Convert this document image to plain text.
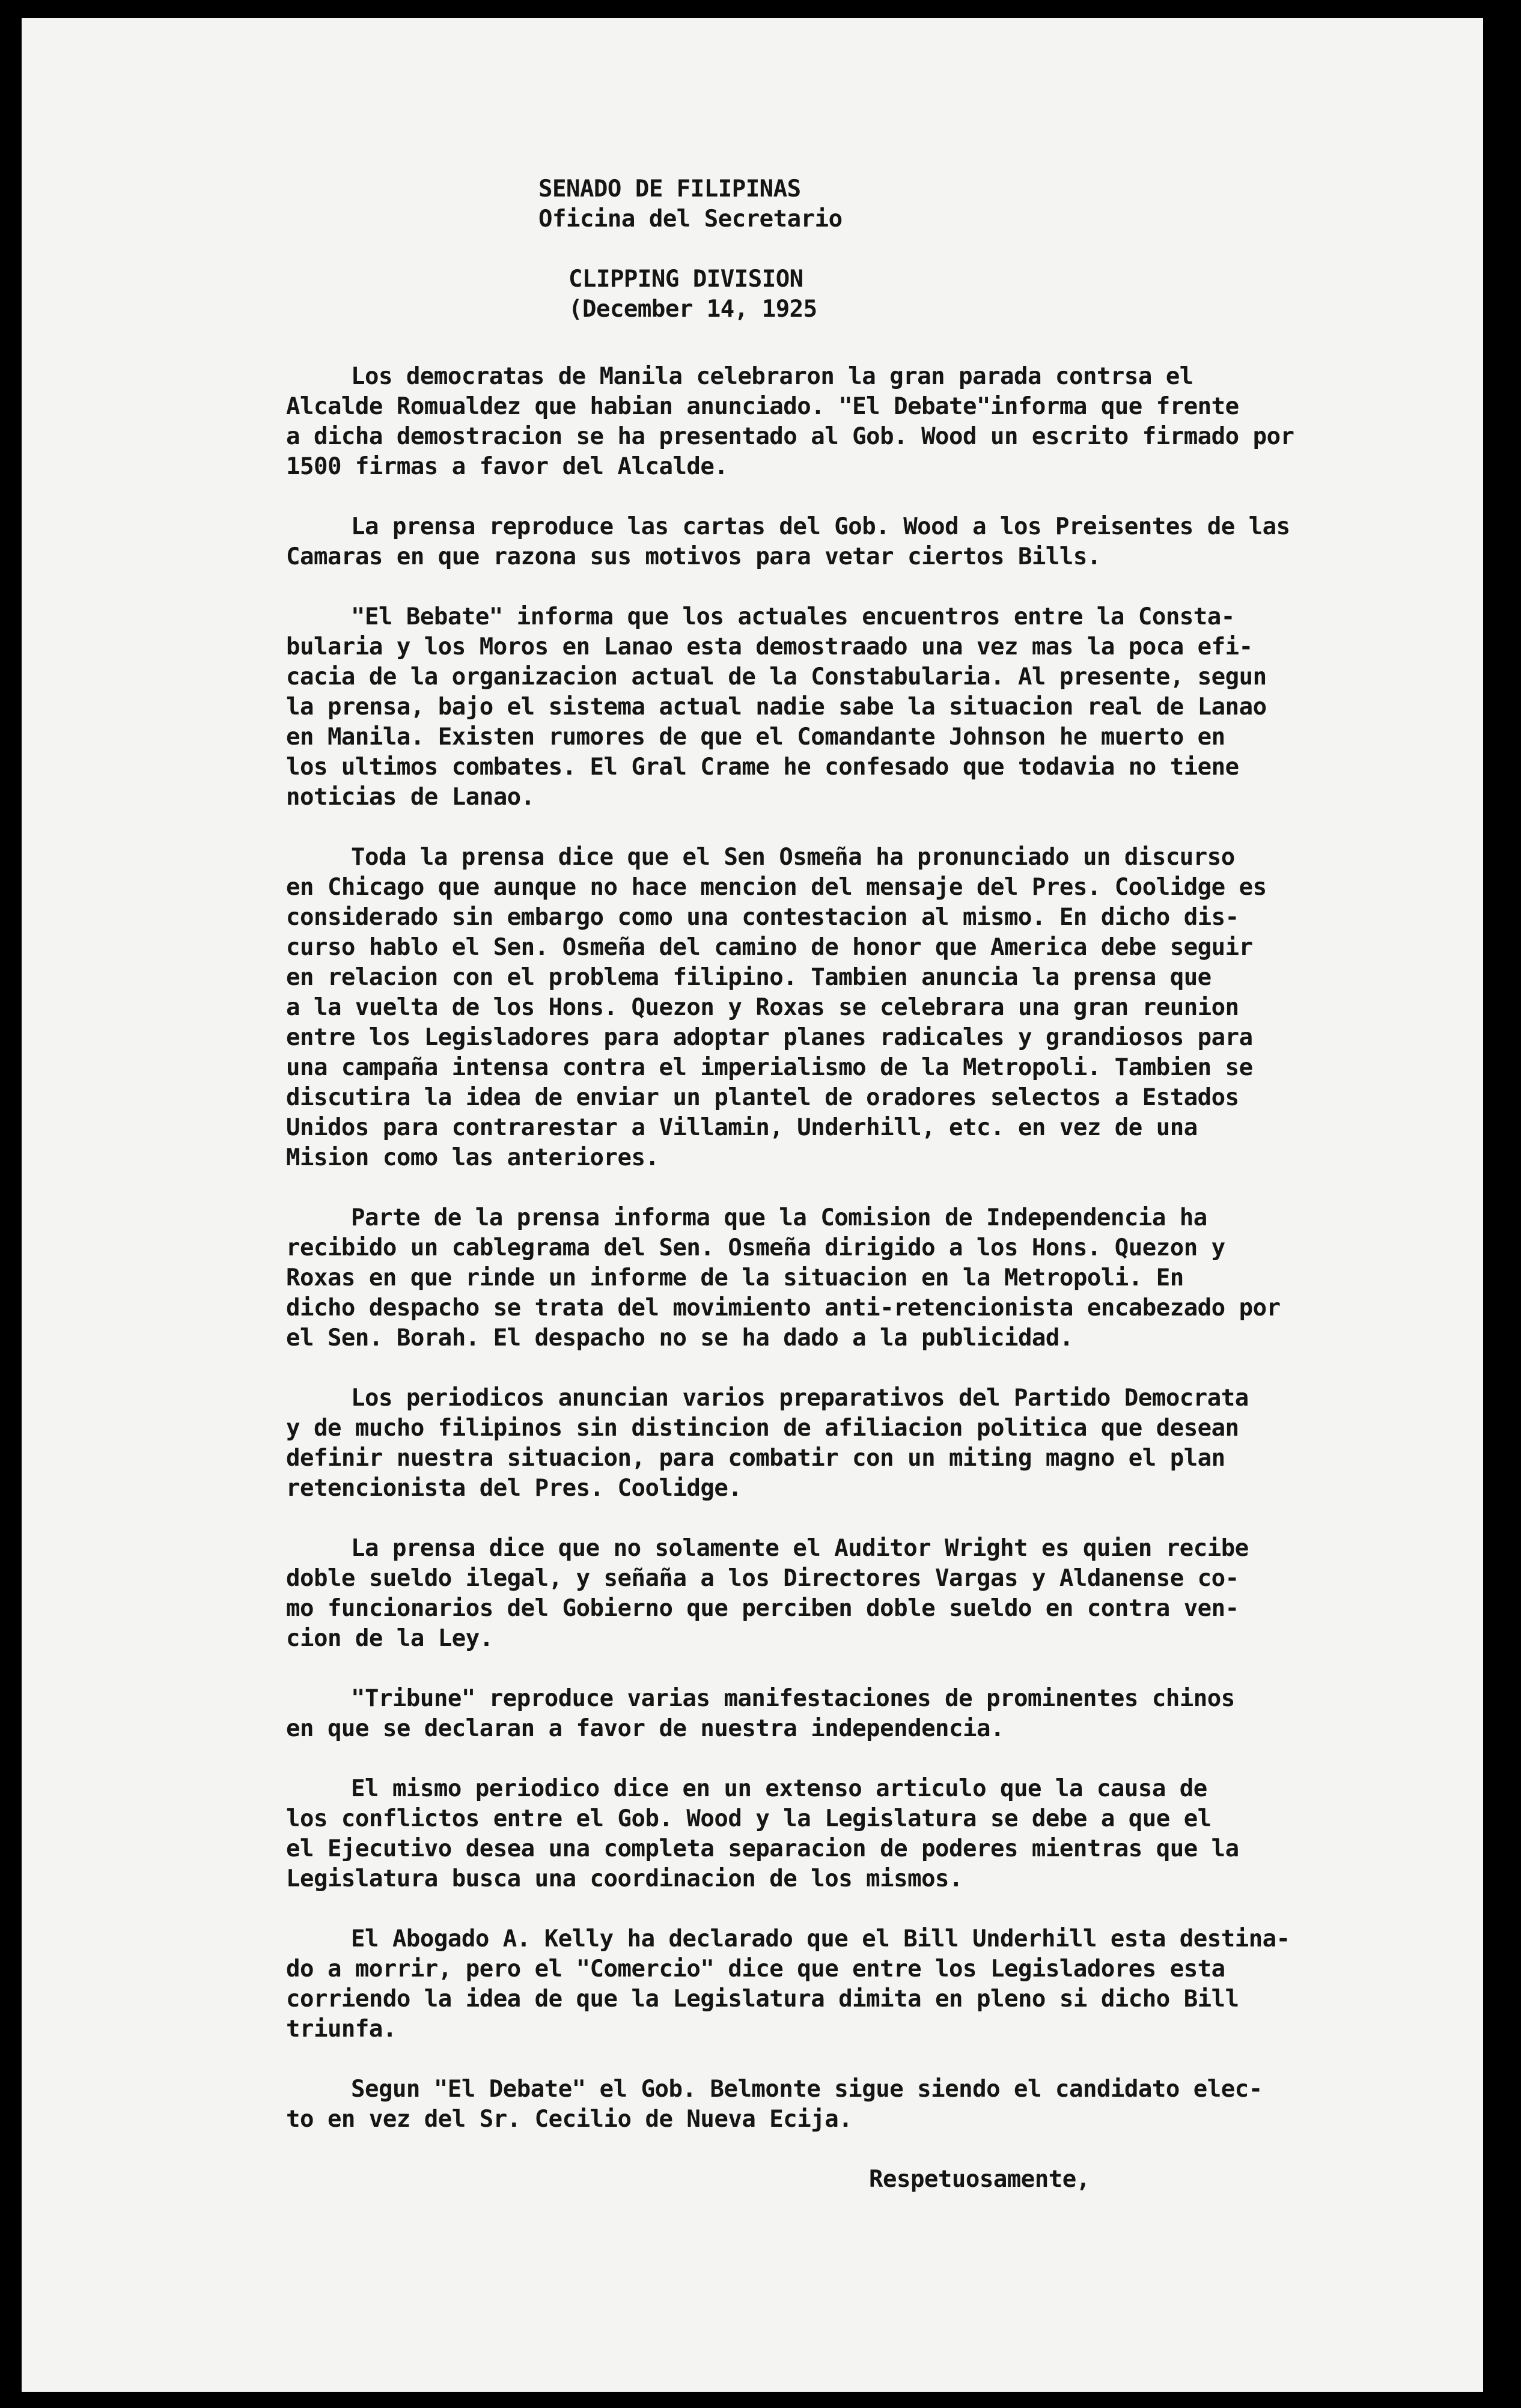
SENADO DE FILIPINAS
Oficina del Secretario
CLIPPING DIVISION
(December 14, 1925
Los democratas de Manila celebraron la gran parada contrsa el
Alcalde Romualdez que habian anunciado. "El Debate"informa que frente
a dicha demostracion se ha presentado al Gob. Wood un escrito firmado por
1500 firmas a favor del Alcalde.
La prensa reproduce las cartas del Gob. Wood a los Preisentes de las
Camaras en que razona sus motivos para vetar ciertos Bills.
"El Bebate" informa que los actuales encuentros entre la Consta-
bularia y los Moros en Lanao esta demostraado una vez mas la poca efi-
cacia de la organizacion actual de la Constabularia. Al presente, segun
la prensa, bajo el sistema actual nadie sabe la situacion real de Lanao
en Manila. Existen rumores de que el Comandante Johnson he muerto en
los ultimos combates. El Gral Crame he confesado que todavia no tiene
noticias de Lanao.
Toda la prensa dice que el Sen Osmeña ha pronunciado un discurso
en Chicago que aunque no hace mencion del mensaje del Pres. Coolidge es
considerado sin embargo como una contestacion al mismo. En dicho dis-
curso hablo el Sen. Osmeña del camino de honor que America debe seguir
en relacion con el problema filipino. Tambien anuncia la prensa que
a la vuelta de los Hons. Quezon y Roxas se celebrara una gran reunion
entre los Legisladores para adoptar planes radicales y grandiosos para
una campaña intensa contra el imperialismo de la Metropoli. Tambien se
discutira la idea de enviar un plantel de oradores selectos a Estados
Unidos para contrarestar a Villamin, Underhill, etc. en vez de una
Mision como las anteriores.
Parte de la prensa informa que la Comision de Independencia ha
recibido un cablegrama del Sen. Osmeña dirigido a los Hons. Quezon y
Roxas en que rinde un informe de la situacion en la Metropoli. En
dicho despacho se trata del movimiento anti-retencionista encabezado por
el Sen. Borah. El despacho no se ha dado a la publicidad.
Los periodicos anuncian varios preparativos del Partido Democrata
y de mucho filipinos sin distincion de afiliacion politica que desean
definir nuestra situacion, para combatir con un miting magno el plan
retencionista del Pres. Coolidge.
La prensa dice que no solamente el Auditor Wright es quien recibe
doble sueldo ilegal, y señaña a los Directores Vargas y Aldanense co-
mo funcionarios del Gobierno que perciben doble sueldo en contra ven-
cion de la Ley.
"Tribune" reproduce varias manifestaciones de prominentes chinos
en que se declaran a favor de nuestra independencia.
El mismo periodico dice en un extenso articulo que la causa de
los conflictos entre el Gob. Wood y la Legislatura se debe a que el
el Ejecutivo desea una completa separacion de poderes mientras que la
Legislatura busca una coordinacion de los mismos.
El Abogado A. Kelly ha declarado que el Bill Underhill esta destina-
do a morrir, pero el "Comercio" dice que entre los Legisladores esta
corriendo la idea de que la Legislatura dimita en pleno si dicho Bill
triunfa.
Segun "El Debate" el Gob. Belmonte sigue siendo el candidato elec-
to en vez del Sr. Cecilio de Nueva Ecija.
Respetuosamente,
